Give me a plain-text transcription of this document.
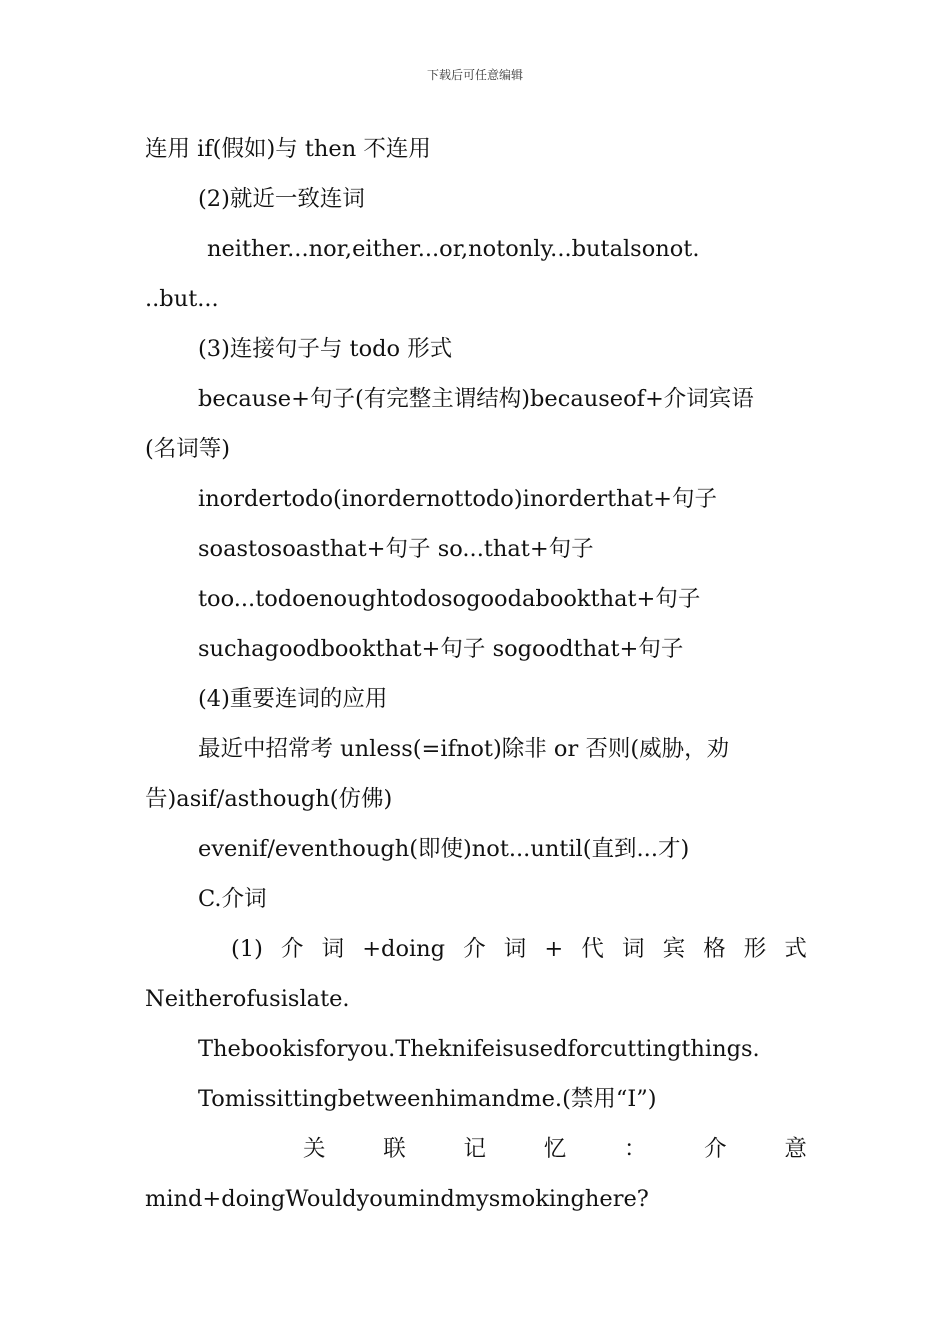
下载后可任意编辑
连用 if(假如)与 then 不连用
(2)就近一致连词
neither...nor,either...or,notonly...butalsonot.
..but...
(3)连接句子与 todo 形式
because+句子(有完整主谓结构)becauseof+介词宾语
(名词等)
inordertodo(inordernottodo)inorderthat+句子
soastosoasthat+句子 so...that+句子
too...todoenoughtodosogoodabookthat+句子
suchagoodbookthat+句子 sogoodthat+句子
(4)重要连词的应用
最近中招常考 unless(=ifnot)除非 or 否则(威胁，劝
告)asif/asthough(仿佛)
evenif/eventhough(即使)not...until(直到...才)
C.介词
(1) 介 词 +doing 介 词 + 代 词 宾 格 形 式
Neitherofusislate.
Thebookisforyou.Theknifeisusedforcuttingthings.
Tomissittingbetweenhimandme.(禁用“I”)
关	联	记	忆	：	介	意
mind+doingWouldyoumindmysmokinghere?
